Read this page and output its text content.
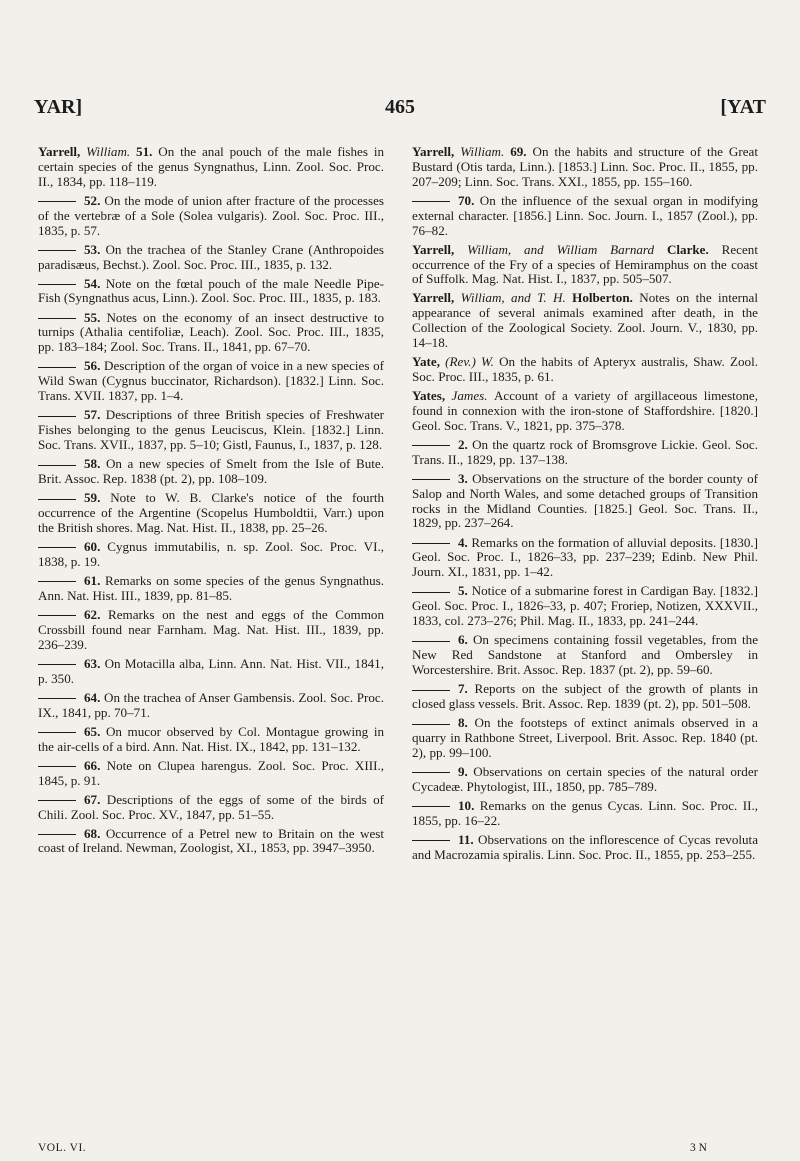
YAR]	465	[YAT
Yarrell, William. 51. On the anal pouch of the male fishes in certain species of the genus Syngnathus, Linn. Zool. Soc. Proc. II., 1834, pp. 118–119.
52. On the mode of union after fracture of the processes of the vertebræ of a Sole (Solea vulgaris). Zool. Soc. Proc. III., 1835, p. 57.
53. On the trachea of the Stanley Crane (Anthropoides paradisæus, Bechst.). Zool. Soc. Proc. III., 1835, p. 132.
54. Note on the fœtal pouch of the male Needle Pipe-Fish (Syngnathus acus, Linn.). Zool. Soc. Proc. III., 1835, p. 183.
55. Notes on the economy of an insect destructive to turnips (Athalia centifoliæ, Leach). Zool. Soc. Proc. III., 1835, pp. 183–184; Zool. Soc. Trans. II., 1841, pp. 67–70.
56. Description of the organ of voice in a new species of Wild Swan (Cygnus buccinator, Richardson). [1832.] Linn. Soc. Trans. XVII. 1837, pp. 1–4.
57. Descriptions of three British species of Freshwater Fishes belonging to the genus Leuciscus, Klein. [1832.] Linn. Soc. Trans. XVII., 1837, pp. 5–10; Gistl, Faunus, I., 1837, p. 128.
58. On a new species of Smelt from the Isle of Bute. Brit. Assoc. Rep. 1838 (pt. 2), pp. 108–109.
59. Note to W. B. Clarke's notice of the fourth occurrence of the Argentine (Scopelus Humboldtii, Varr.) upon the British shores. Mag. Nat. Hist. II., 1838, pp. 25–26.
60. Cygnus immutabilis, n. sp. Zool. Soc. Proc. VI., 1838, p. 19.
61. Remarks on some species of the genus Syngnathus. Ann. Nat. Hist. III., 1839, pp. 81–85.
62. Remarks on the nest and eggs of the Common Crossbill found near Farnham. Mag. Nat. Hist. III., 1839, pp. 236–239.
63. On Motacilla alba, Linn. Ann. Nat. Hist. VII., 1841, p. 350.
64. On the trachea of Anser Gambensis. Zool. Soc. Proc. IX., 1841, pp. 70–71.
65. On mucor observed by Col. Montague growing in the air-cells of a bird. Ann. Nat. Hist. IX., 1842, pp. 131–132.
66. Note on Clupea harengus. Zool. Soc. Proc. XIII., 1845, p. 91.
67. Descriptions of the eggs of some of the birds of Chili. Zool. Soc. Proc. XV., 1847, pp. 51–55.
68. Occurrence of a Petrel new to Britain on the west coast of Ireland. Newman, Zoologist, XI., 1853, pp. 3947–3950.
Yarrell, William. 69. On the habits and structure of the Great Bustard (Otis tarda, Linn.). [1853.] Linn. Soc. Proc. II., 1855, pp. 207–209; Linn. Soc. Trans. XXI., 1855, pp. 155–160.
70. On the influence of the sexual organ in modifying external character. [1856.] Linn. Soc. Journ. I., 1857 (Zool.), pp. 76–82.
Yarrell, William, and William Barnard Clarke. Recent occurrence of the Fry of a species of Hemiramphus on the coast of Suffolk. Mag. Nat. Hist. I., 1837, pp. 505–507.
Yarrell, William, and T. H. Holberton. Notes on the internal appearance of several animals examined after death, in the Collection of the Zoological Society. Zool. Journ. V., 1830, pp. 14–18.
Yate, (Rev.) W. On the habits of Apteryx australis, Shaw. Zool. Soc. Proc. III., 1835, p. 61.
Yates, James. Account of a variety of argillaceous limestone, found in connexion with the iron-stone of Staffordshire. [1820.] Geol. Soc. Trans. V., 1821, pp. 375–378.
2. On the quartz rock of Bromsgrove Lickie. Geol. Soc. Trans. II., 1829, pp. 137–138.
3. Observations on the structure of the border county of Salop and North Wales, and some detached groups of Transition rocks in the Midland Counties. [1825.] Geol. Soc. Trans. II., 1829, pp. 237–264.
4. Remarks on the formation of alluvial deposits. [1830.] Geol. Soc. Proc. I., 1826–33, pp. 237–239; Edinb. New Phil. Journ. XI., 1831, pp. 1–42.
5. Notice of a submarine forest in Cardigan Bay. [1832.] Geol. Soc. Proc. I., 1826–33, p. 407; Froriep, Notizen, XXXVII., 1833, col. 273–276; Phil. Mag. II., 1833, pp. 241–244.
6. On specimens containing fossil vegetables, from the New Red Sandstone at Stanford and Ombersley in Worcestershire. Brit. Assoc. Rep. 1837 (pt. 2), pp. 59–60.
7. Reports on the subject of the growth of plants in closed glass vessels. Brit. Assoc. Rep. 1839 (pt. 2), pp. 501–508.
8. On the footsteps of extinct animals observed in a quarry in Rathbone Street, Liverpool. Brit. Assoc. Rep. 1840 (pt. 2), pp. 99–100.
9. Observations on certain species of the natural order Cycadeæ. Phytologist, III., 1850, pp. 785–789.
10. Remarks on the genus Cycas. Linn. Soc. Proc. II., 1855, pp. 16–22.
11. Observations on the inflorescence of Cycas revoluta and Macrozamia spiralis. Linn. Soc. Proc. II., 1855, pp. 253–255.
VOL. VI.	3 N
